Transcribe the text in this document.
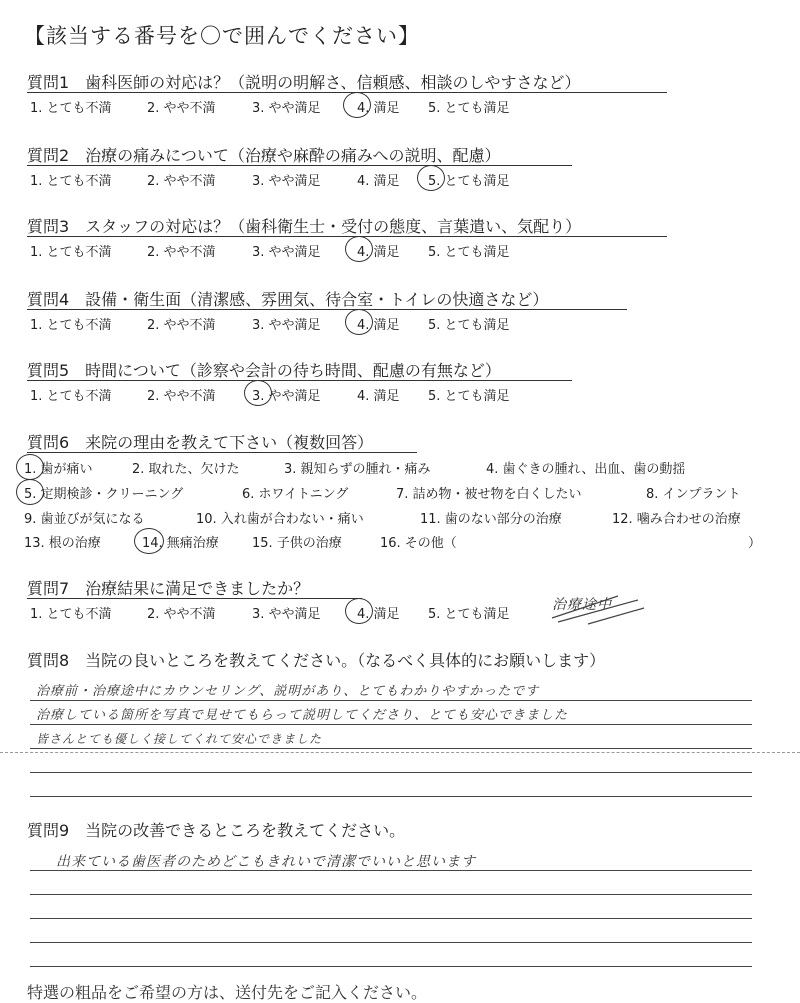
【該当する番号を〇で囲んでください】
質問1　歯科医師の対応は？（説明の明解さ、信頼感、相談のしやすさなど）
1. とても不満	2. やや不満	3. やや満足	4. 満足 5. とても満足
質問2　治療の痛みについて（治療や麻酔の痛みへの説明、配慮）
1. とても不満	2. やや不満	3. やや満足	4. 満足 5. とても満足
質問3　スタッフの対応は？（歯科衛生士・受付の態度、言葉遣い、気配り）
1. とても不満	2. やや不満	3. やや満足	4. 満足 5. とても満足
質問4　設備・衛生面（清潔感、雰囲気、待合室・トイレの快適さなど）
1. とても不満	2. やや不満	3. やや満足	4. 満足 5. とても満足
質問5　時間について（診察や会計の待ち時間、配慮の有無など）
1. とても不満	2. やや不満	3. やや満足	4. 満足 5. とても満足
質問6　来院の理由を教えて下さい（複数回答）
1. 歯が痛い	2. 取れた、欠けた	3. 親知らずの腫れ・痛み	4. 歯ぐきの腫れ、出血、歯の動揺
5. 定期検診・クリーニング	6. ホワイトニング	7. 詰め物・被せ物を白くしたい	8. インプラント
9. 歯並びが気になる	10. 入れ歯が合わない・痛い	11. 歯のない部分の治療	12. 噛み合わせの治療
13. 根の治療	14. 無痛治療	15. 子供の治療	16. その他（	）
質問7　治療結果に満足できましたか？
1. とても不満	2. やや不満	3. やや満足	4. 満足 5. とても満足
治療途中
質問8　当院の良いところを教えてください。（なるべく具体的にお願いします）
治療前・治療途中にカウンセリング、説明があり、とてもわかりやすかったです
治療している箇所を写真で見せてもらって説明してくださり、とても安心できました
皆さんとても優しく接してくれて安心できました
質問9　当院の改善できるところを教えてください。
出来ている歯医者のためどこもきれいで清潔でいいと思います
特選の粗品をご希望の方は、送付先をご記入ください。
